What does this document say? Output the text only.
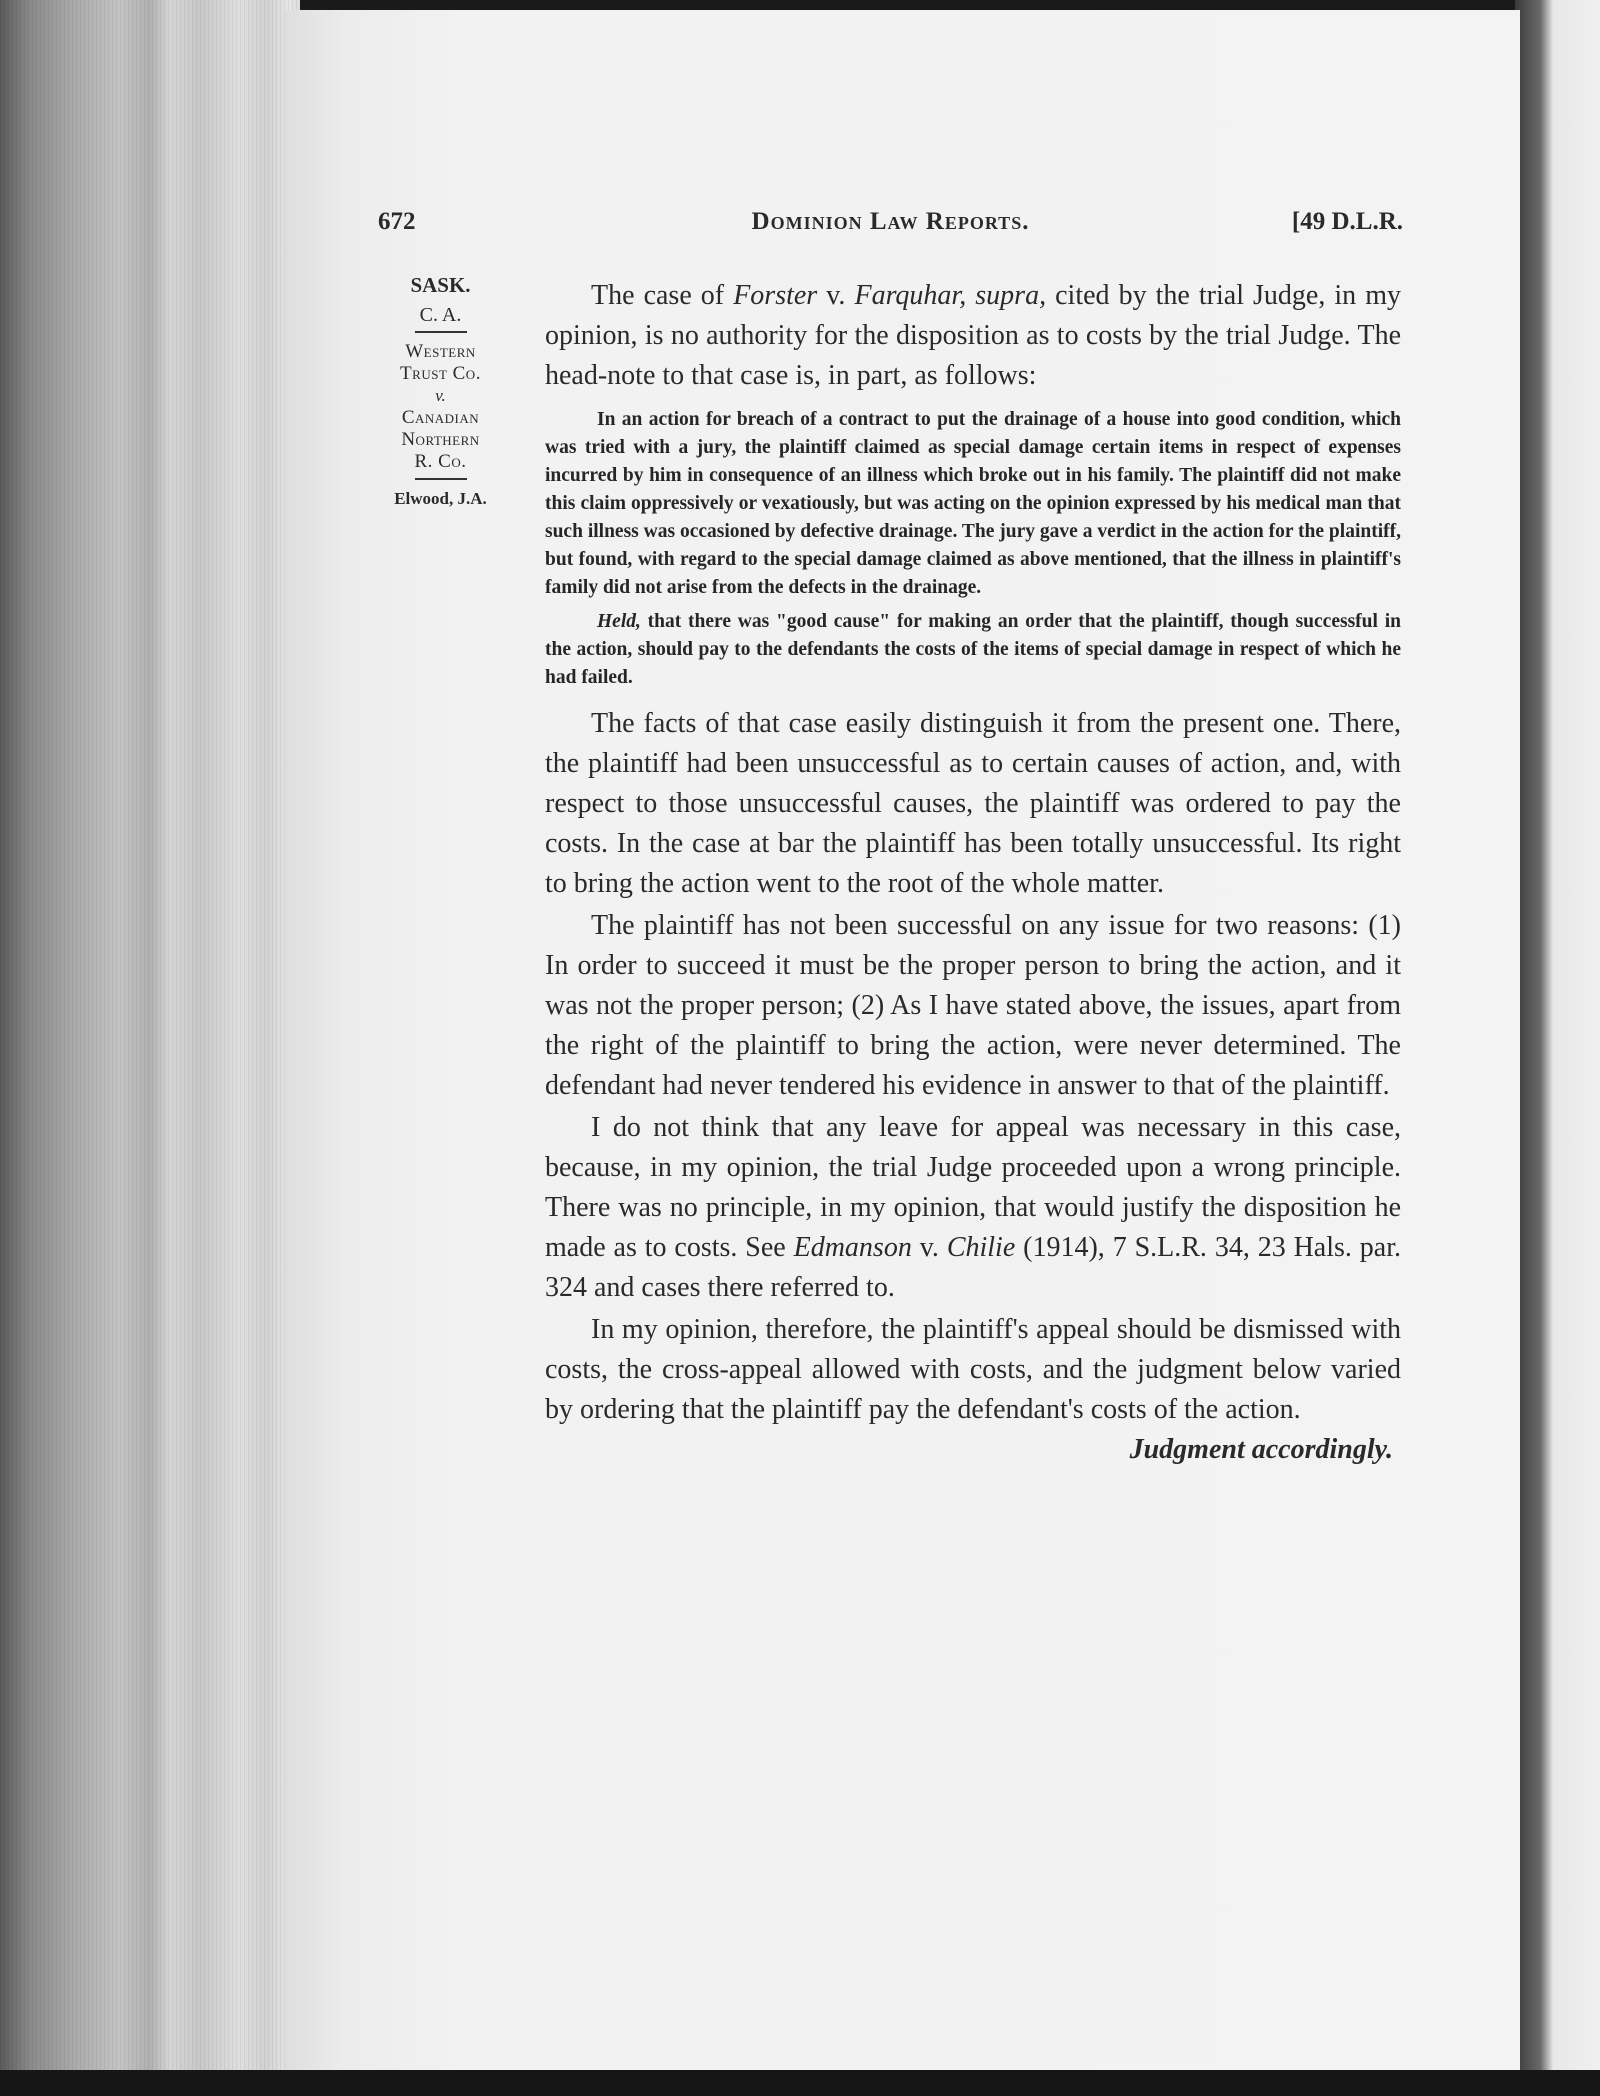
672	Dominion Law Reports.	[49 D.L.R.
SASK.
C. A.
Western
Trust Co.
v.
Canadian
Northern
R. Co.
Elwood, J.A.

The case of Forster v. Farquhar, supra, cited by the trial Judge, in my opinion, is no authority for the disposition as to costs by the trial Judge. The head-note to that case is, in part, as follows:

In an action for breach of a contract to put the drainage of a house into good condition, which was tried with a jury, the plaintiff claimed as special damage certain items in respect of expenses incurred by him in consequence of an illness which broke out in his family. The plaintiff did not make this claim oppressively or vexatiously, but was acting on the opinion expressed by his medical man that such illness was occasioned by defective drainage. The jury gave a verdict in the action for the plaintiff, but found, with regard to the special damage claimed as above mentioned, that the illness in plaintiff's family did not arise from the defects in the drainage.

Held, that there was "good cause" for making an order that the plaintiff, though successful in the action, should pay to the defendants the costs of the items of special damage in respect of which he had failed.

The facts of that case easily distinguish it from the present one. There, the plaintiff had been unsuccessful as to certain causes of action, and, with respect to those unsuccessful causes, the plaintiff was ordered to pay the costs. In the case at bar the plaintiff has been totally unsuccessful. Its right to bring the action went to the root of the whole matter.

The plaintiff has not been successful on any issue for two reasons: (1) In order to succeed it must be the proper person to bring the action, and it was not the proper person; (2) As I have stated above, the issues, apart from the right of the plaintiff to bring the action, were never determined. The defendant had never tendered his evidence in answer to that of the plaintiff.

I do not think that any leave for appeal was necessary in this case, because, in my opinion, the trial Judge proceeded upon a wrong principle. There was no principle, in my opinion, that would justify the disposition he made as to costs. See Edmanson v. Chilie (1914), 7 S.L.R. 34, 23 Hals. par. 324 and cases there referred to.

In my opinion, therefore, the plaintiff's appeal should be dismissed with costs, the cross-appeal allowed with costs, and the judgment below varied by ordering that the plaintiff pay the defendant's costs of the action.
Judgment accordingly.
